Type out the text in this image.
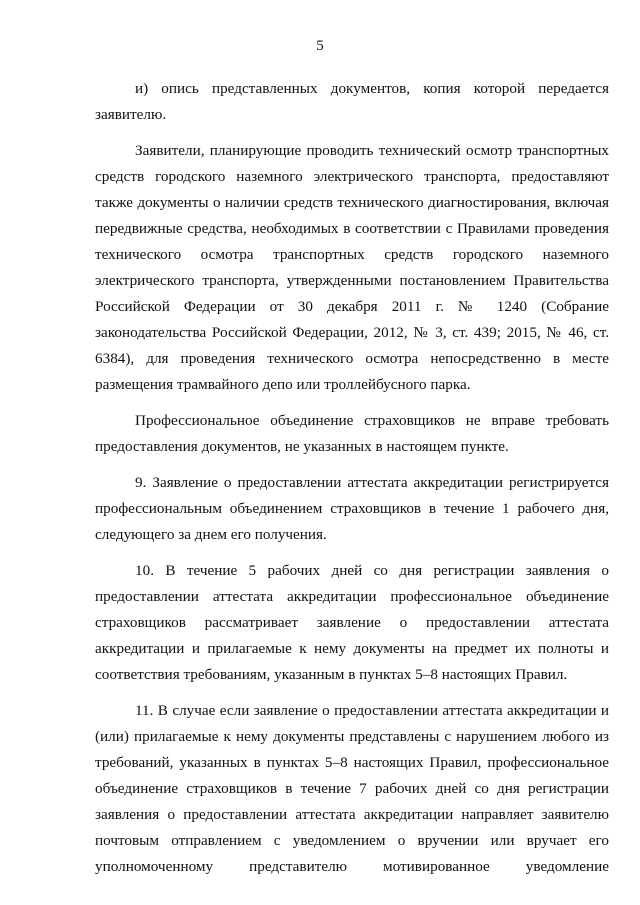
5

и) опись представленных документов, копия которой передается заявителю.

Заявители, планирующие проводить технический осмотр транспортных средств городского наземного электрического транспорта, предоставляют также документы о наличии средств технического диагностирования, включая передвижные средства, необходимых в соответствии с Правилами проведения технического осмотра транспортных средств городского наземного электрического транспорта, утвержденными постановлением Правительства Российской Федерации от 30 декабря 2011 г. № 1240 (Собрание законодательства Российской Федерации, 2012, № 3, ст. 439; 2015, № 46, ст. 6384), для проведения технического осмотра непосредственно в месте размещения трамвайного депо или троллейбусного парка.

Профессиональное объединение страховщиков не вправе требовать предоставления документов, не указанных в настоящем пункте.

9. Заявление о предоставлении аттестата аккредитации регистрируется профессиональным объединением страховщиков в течение 1 рабочего дня, следующего за днем его получения.

10. В течение 5 рабочих дней со дня регистрации заявления о предоставлении аттестата аккредитации профессиональное объединение страховщиков рассматривает заявление о предоставлении аттестата аккредитации и прилагаемые к нему документы на предмет их полноты и соответствия требованиям, указанным в пунктах 5–8 настоящих Правил.

11. В случае если заявление о предоставлении аттестата аккредитации и (или) прилагаемые к нему документы представлены с нарушением любого из требований, указанных в пунктах 5–8 настоящих Правил, профессиональное объединение страховщиков в течение 7 рабочих дней со дня регистрации заявления о предоставлении аттестата аккредитации направляет заявителю почтовым отправлением с уведомлением о вручении или вручает его уполномоченному представителю мотивированное уведомление
